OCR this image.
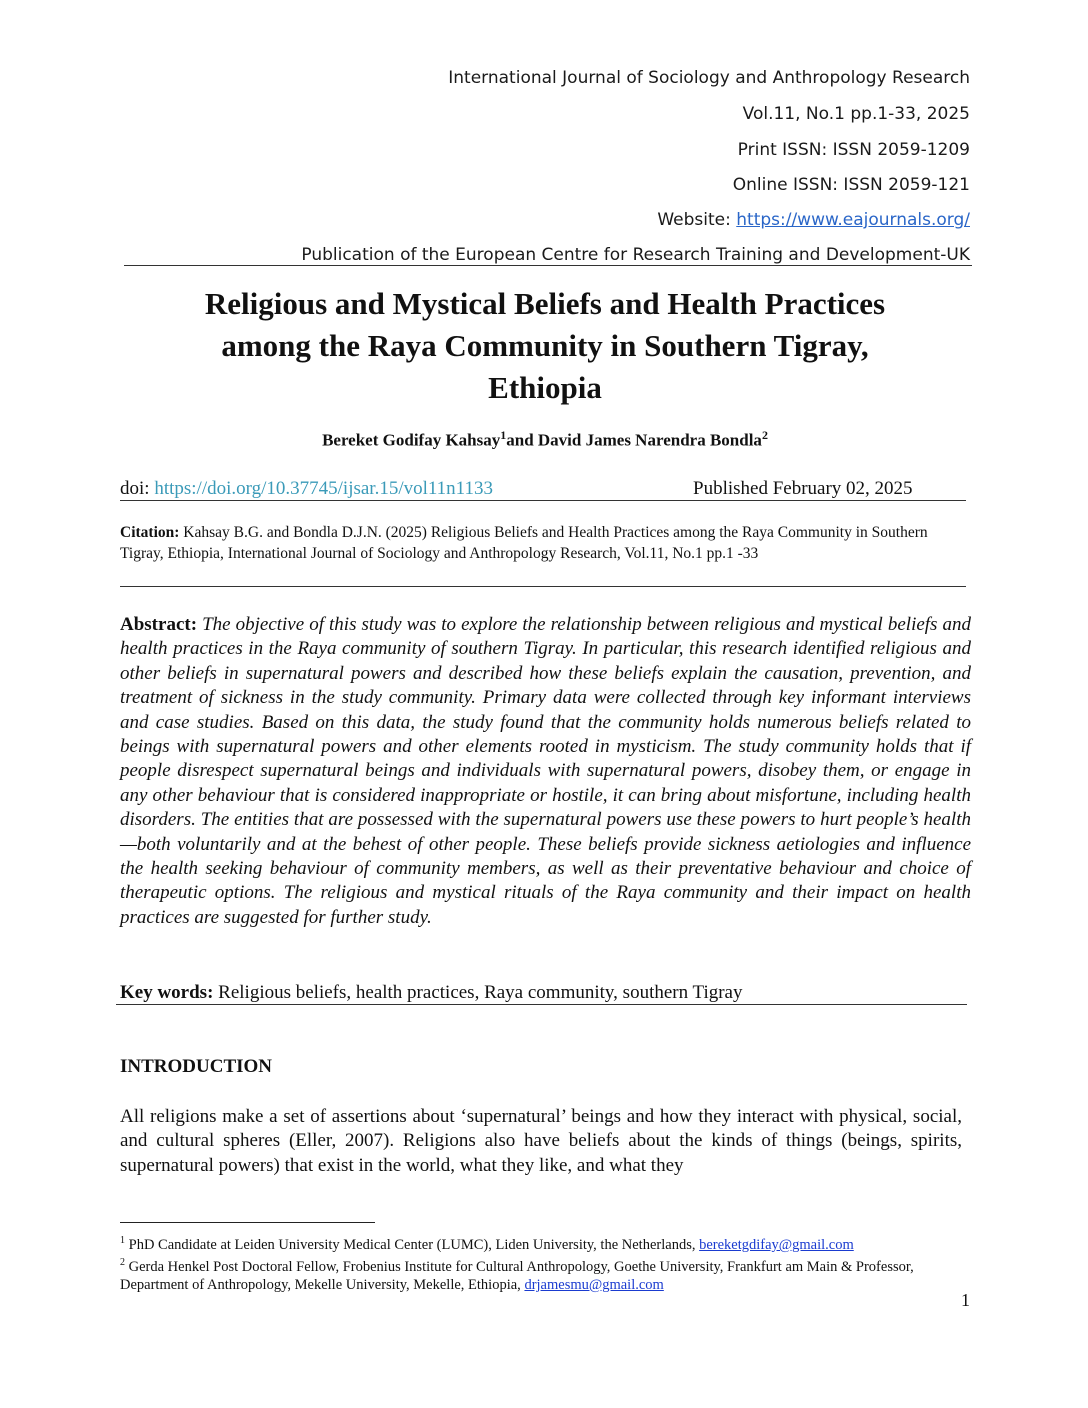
International Journal of Sociology and Anthropology Research
Vol.11, No.1 pp.1-33, 2025
Print ISSN: ISSN 2059-1209
Online ISSN: ISSN 2059-121
Website: https://www.eajournals.org/
Publication of the European Centre for Research Training and Development-UK
Religious and Mystical Beliefs and Health Practices
among the Raya Community in Southern Tigray,
Ethiopia
Bereket Godifay Kahsay$^1$and David James Narendra Bondla$^2$
doi: https://doi.org/10.37745/ijsar.15/vol11n1133	Published February 02, 2025
Citation: Kahsay B.G. and Bondla D.J.N. (2025) Religious Beliefs and Health Practices among the Raya Community in Southern Tigray, Ethiopia, International Journal of Sociology and Anthropology Research, Vol.11, No.1 pp.1 -33
Abstract: The objective of this study was to explore the relationship between religious and mystical beliefs and health practices in the Raya community of southern Tigray. In particular, this research identified religious and other beliefs in supernatural powers and described how these beliefs explain the causation, prevention, and treatment of sickness in the study community. Primary data were collected through key informant interviews and case studies. Based on this data, the study found that the community holds numerous beliefs related to beings with supernatural powers and other elements rooted in mysticism. The study community holds that if people disrespect supernatural beings and individuals with supernatural powers, disobey them, or engage in any other behaviour that is considered inappropriate or hostile, it can bring about misfortune, including health disorders. The entities that are possessed with the supernatural powers use these powers to hurt people’s health—both voluntarily and at the behest of other people. These beliefs provide sickness aetiologies and influence the health seeking behaviour of community members, as well as their preventative behaviour and choice of therapeutic options. The religious and mystical rituals of the Raya community and their impact on health practices are suggested for further study.
Key words: Religious beliefs, health practices, Raya community, southern Tigray
INTRODUCTION
All religions make a set of assertions about ‘supernatural’ beings and how they interact with physical, social, and cultural spheres (Eller, 2007). Religions also have beliefs about the kinds of things (beings, spirits, supernatural powers) that exist in the world, what they like, and what they
$^1$ PhD Candidate at Leiden University Medical Center (LUMC), Liden University, the Netherlands, bereketgdifay@gmail.com
$^2$ Gerda Henkel Post Doctoral Fellow, Frobenius Institute for Cultural Anthropology, Goethe University, Frankfurt am Main & Professor, Department of Anthropology, Mekelle University, Mekelle, Ethiopia, drjamesmu@gmail.com
1
